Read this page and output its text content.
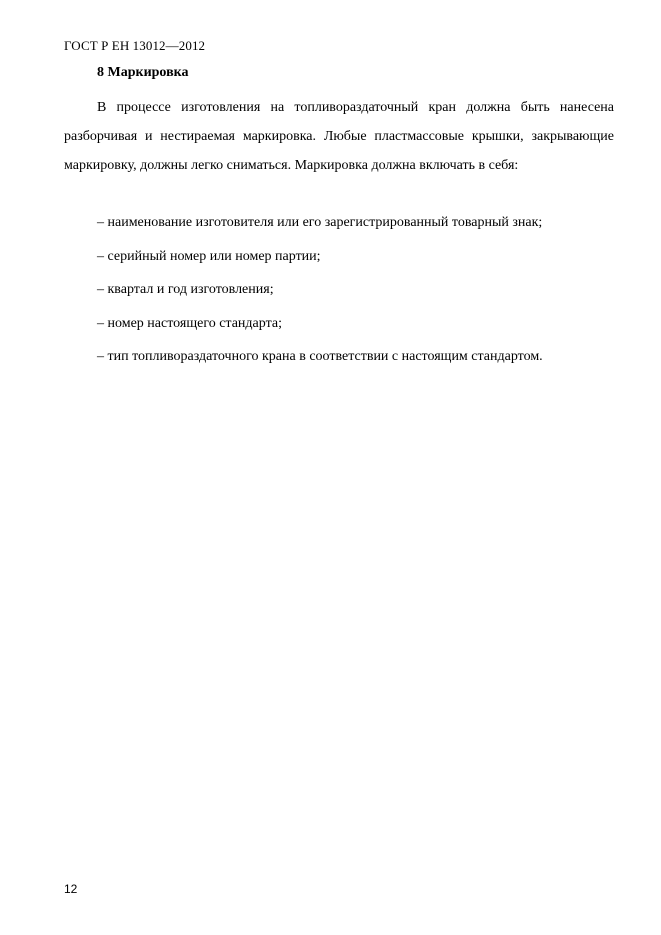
ГОСТ Р ЕН 13012—2012
8 Маркировка

В процессе изготовления на топливораздаточный кран должна быть нанесена разборчивая и нестираемая маркировка. Любые пластмассовые крышки, закрывающие маркировку, должны легко сниматься. Маркировка должна включать в себя:

– наименование изготовителя или его зарегистрированный товарный знак;
– серийный номер или номер партии;
– квартал и год изготовления;
– номер настоящего стандарта;
– тип топливораздаточного крана в соответствии с настоящим стандартом.
12
